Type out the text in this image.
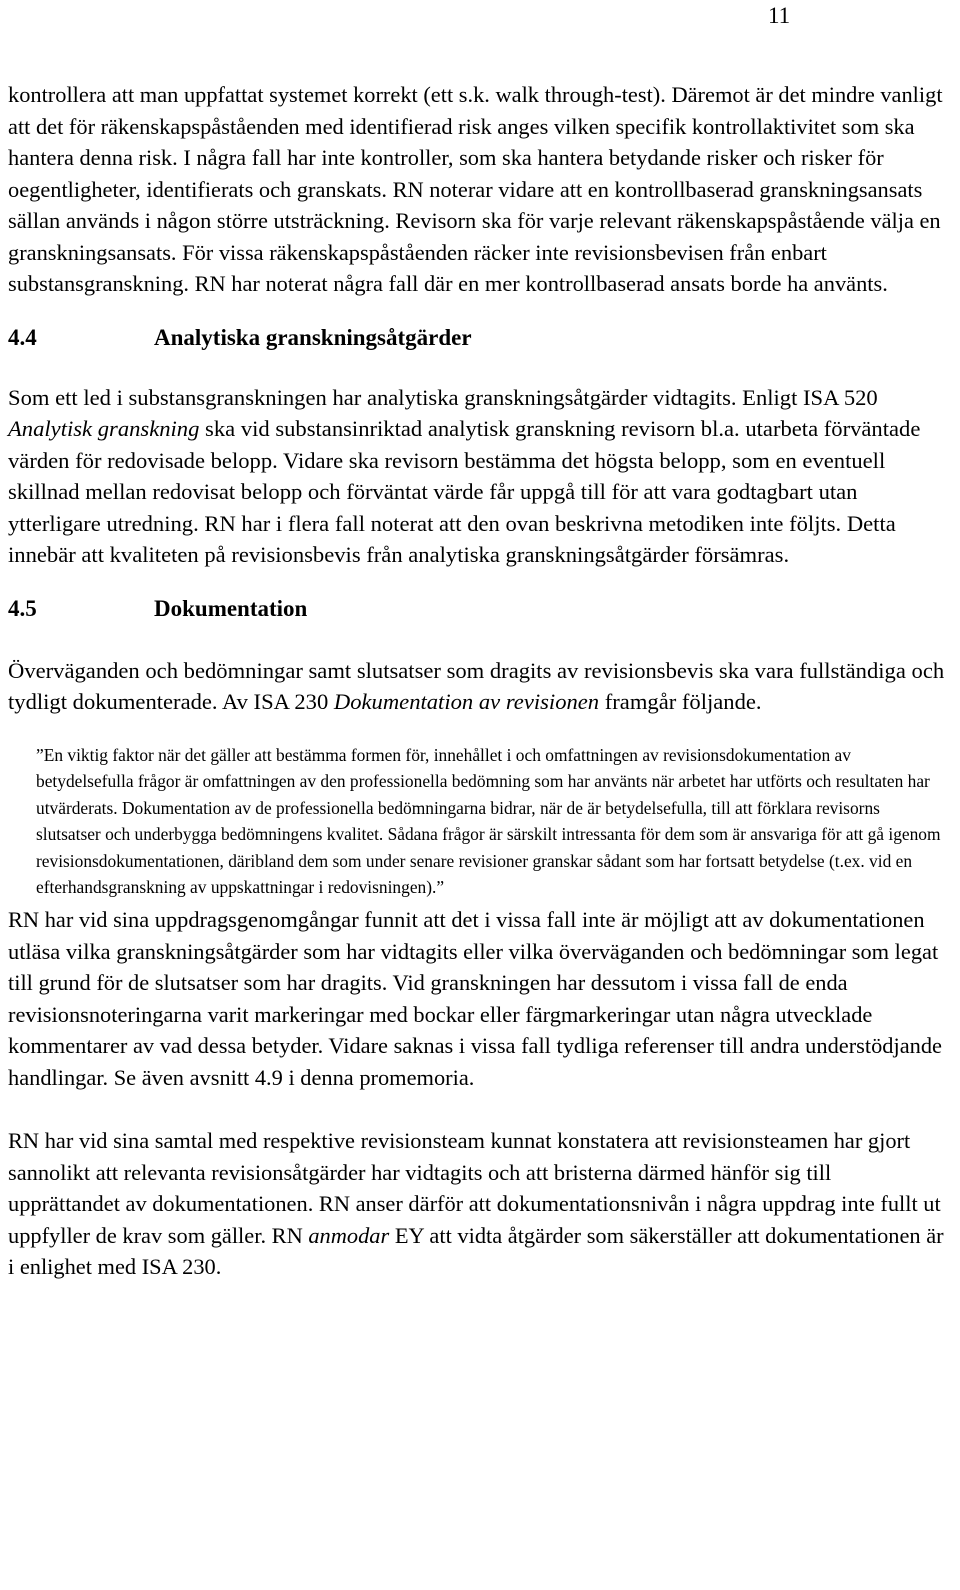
11

kontrollera att man uppfattat systemet korrekt (ett s.k. walk through-test). Däremot är det mindre vanligt att det för räkenskapspåståenden med identifierad risk anges vilken specifik kontrollaktivitet som ska hantera denna risk. I några fall har inte kontroller, som ska hantera betydande risker och risker för oegentligheter, identifierats och granskats. RN noterar vidare att en kontrollbaserad granskningsansats sällan används i någon större utsträckning. Revisorn ska för varje relevant räkenskapspåstående välja en granskningsansats. För vissa räkenskapspåståenden räcker inte revisionsbevisen från enbart substansgranskning. RN har noterat några fall där en mer kontrollbaserad ansats borde ha använts.

4.4	Analytiska granskningsåtgärder

Som ett led i substansgranskningen har analytiska granskningsåtgärder vidtagits. Enligt ISA 520 Analytisk granskning ska vid substansinriktad analytisk granskning revisorn bl.a. utarbeta förväntade värden för redovisade belopp. Vidare ska revisorn bestämma det högsta belopp, som en eventuell skillnad mellan redovisat belopp och förväntat värde får uppgå till för att vara godtagbart utan ytterligare utredning. RN har i flera fall noterat att den ovan beskrivna metodiken inte följts. Detta innebär att kvaliteten på revisionsbevis från analytiska granskningsåtgärder försämras.

4.5	Dokumentation

Överväganden och bedömningar samt slutsatser som dragits av revisionsbevis ska vara fullständiga och tydligt dokumenterade. Av ISA 230 Dokumentation av revisionen framgår följande.

”En viktig faktor när det gäller att bestämma formen för, innehållet i och omfattningen av revisionsdokumentation av betydelsefulla frågor är omfattningen av den professionella bedömning som har använts när arbetet har utförts och resultaten har utvärderats. Dokumentation av de professionella bedömningarna bidrar, när de är betydelsefulla, till att förklara revisorns slutsatser och underbygga bedömningens kvalitet. Sådana frågor är särskilt intressanta för dem som är ansvariga för att gå igenom revisionsdokumentationen, däribland dem som under senare revisioner granskar sådant som har fortsatt betydelse (t.ex. vid en efterhandsgranskning av uppskattningar i redovisningen).”

RN har vid sina uppdragsgenomgångar funnit att det i vissa fall inte är möjligt att av dokumentationen utläsa vilka granskningsåtgärder som har vidtagits eller vilka överväganden och bedömningar som legat till grund för de slutsatser som har dragits. Vid granskningen har dessutom i vissa fall de enda revisionsnoteringarna varit markeringar med bockar eller färgmarkeringar utan några utvecklade kommentarer av vad dessa betyder. Vidare saknas i vissa fall tydliga referenser till andra understödjande handlingar. Se även avsnitt 4.9 i denna promemoria.

RN har vid sina samtal med respektive revisionsteam kunnat konstatera att revisionsteamen har gjort sannolikt att relevanta revisionsåtgärder har vidtagits och att bristerna därmed hänför sig till upprättandet av dokumentationen. RN anser därför att dokumentationsnivån i några uppdrag inte fullt ut uppfyller de krav som gäller. RN anmodar EY att vidta åtgärder som säkerställer att dokumentationen är i enlighet med ISA 230.
